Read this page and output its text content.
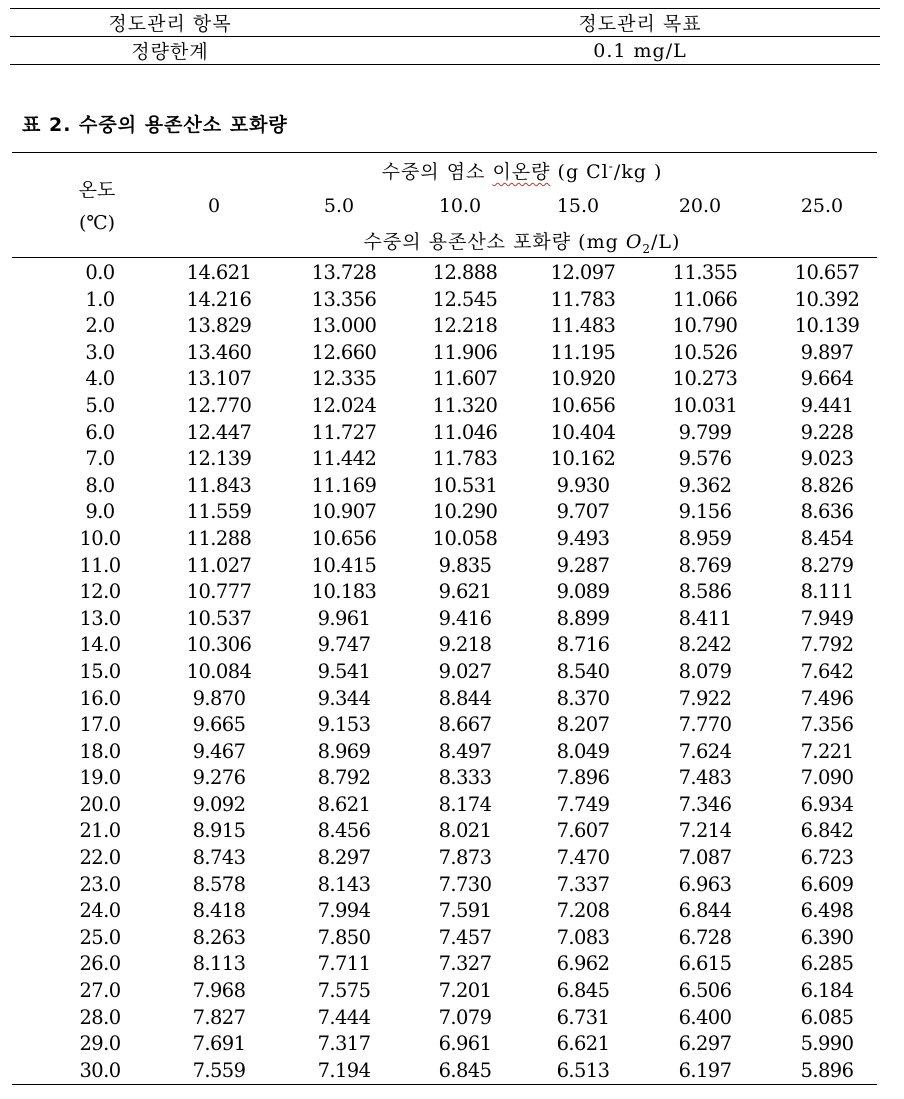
정도관리 항목	정도관리 목표
정량한계	0.1 mg/L
표 2. 수중의 용존산소 포화량
온도
(℃)
수중의 염소 이온량 (g Cl-/kg )
0	5.0	10.0	15.0	20.0	25.0
수중의 용존산소 포화량 (mg $O_2/L$)
0.0	14.621	13.728	12.888	12.097	11.355	10.657
1.0	14.216	13.356	12.545	11.783	11.066	10.392
2.0	13.829	13.000	12.218	11.483	10.790	10.139
3.0	13.460	12.660	11.906	11.195	10.526	9.897
4.0	13.107	12.335	11.607	10.920	10.273	9.664
5.0	12.770	12.024	11.320	10.656	10.031	9.441
6.0	12.447	11.727	11.046	10.404	9.799	9.228
7.0	12.139	11.442	11.783	10.162	9.576	9.023
8.0	11.843	11.169	10.531	9.930	9.362	8.826
9.0	11.559	10.907	10.290	9.707	9.156	8.636
10.0	11.288	10.656	10.058	9.493	8.959	8.454
11.0	11.027	10.415	9.835	9.287	8.769	8.279
12.0	10.777	10.183	9.621	9.089	8.586	8.111
13.0	10.537	9.961	9.416	8.899	8.411	7.949
14.0	10.306	9.747	9.218	8.716	8.242	7.792
15.0	10.084	9.541	9.027	8.540	8.079	7.642
16.0	9.870	9.344	8.844	8.370	7.922	7.496
17.0	9.665	9.153	8.667	8.207	7.770	7.356
18.0	9.467	8.969	8.497	8.049	7.624	7.221
19.0	9.276	8.792	8.333	7.896	7.483	7.090
20.0	9.092	8.621	8.174	7.749	7.346	6.934
21.0	8.915	8.456	8.021	7.607	7.214	6.842
22.0	8.743	8.297	7.873	7.470	7.087	6.723
23.0	8.578	8.143	7.730	7.337	6.963	6.609
24.0	8.418	7.994	7.591	7.208	6.844	6.498
25.0	8.263	7.850	7.457	7.083	6.728	6.390
26.0	8.113	7.711	7.327	6.962	6.615	6.285
27.0	7.968	7.575	7.201	6.845	6.506	6.184
28.0	7.827	7.444	7.079	6.731	6.400	6.085
29.0	7.691	7.317	6.961	6.621	6.297	5.990
30.0	7.559	7.194	6.845	6.513	6.197	5.896
